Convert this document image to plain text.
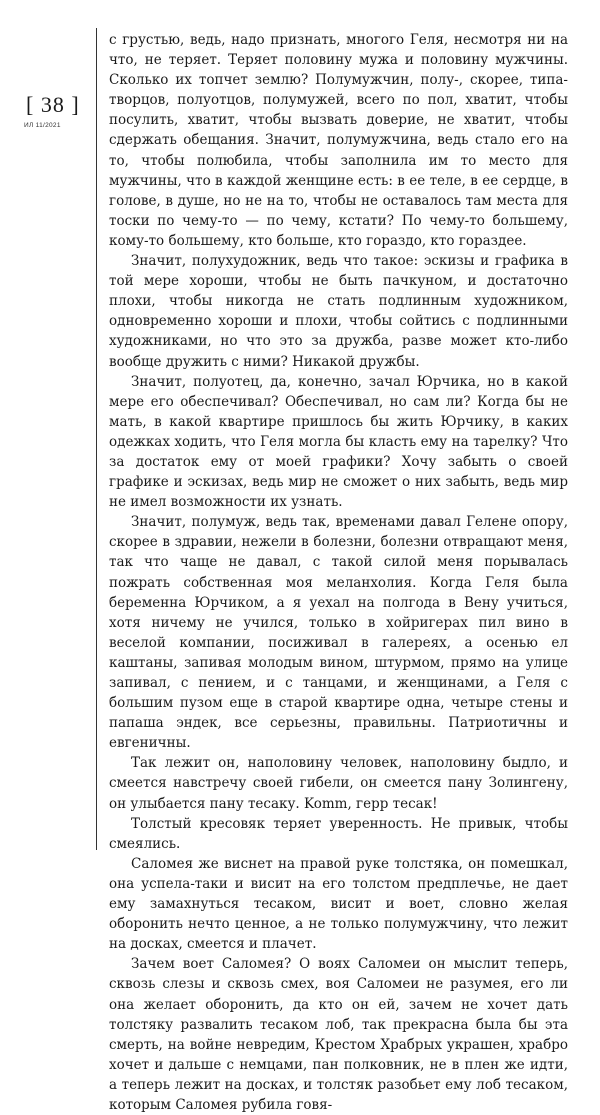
[ 38 ]
ИЛ 11/2021

с грустью, ведь, надо признать, многого Геля, несмотря ни на что, не теряет. Теряет половину мужа и половину мужчины. Сколько их топчет землю? Полумужчин, полу-, скорее, типа-творцов, полуотцов, полумужей, всего по пол, хватит, чтобы посулить, хватит, чтобы вызвать доверие, не хватит, чтобы сдержать обещания. Значит, полумужчина, ведь стало его на то, чтобы полюбила, чтобы заполнила им то место для мужчины, что в каждой женщине есть: в ее теле, в ее сердце, в голове, в душе, но не на то, чтобы не оставалось там места для тоски по чему-то — по чему, кстати? По чему-то большему, кому-то большему, кто больше, кто гораздо, кто гораздее.

Значит, полухудожник, ведь что такое: эскизы и графика в той мере хороши, чтобы не быть пачкуном, и достаточно плохи, чтобы никогда не стать подлинным художником, одновременно хороши и плохи, чтобы сойтись с подлинными художниками, но что это за дружба, разве может кто-либо вообще дружить с ними? Никакой дружбы.

Значит, полуотец, да, конечно, зачал Юрчика, но в какой мере его обеспечивал? Обеспечивал, но сам ли? Когда бы не мать, в какой квартире пришлось бы жить Юрчику, в каких одежках ходить, что Геля могла бы класть ему на тарелку? Что за достаток ему от моей графики? Хочу забыть о своей графике и эскизах, ведь мир не сможет о них забыть, ведь мир не имел возможности их узнать.

Значит, полумуж, ведь так, временами давал Гелене опору, скорее в здравии, нежели в болезни, болезни отвращают меня, так что чаще не давал, с такой силой меня порывалась пожрать собственная моя меланхолия. Когда Геля была беременна Юрчиком, а я уехал на полгода в Вену учиться, хотя ничему не учился, только в хойригерах пил вино в веселой компании, посиживал в галереях, а осенью ел каштаны, запивая молодым вином, штурмом, прямо на улице запивал, с пением, и с танцами, и женщинами, а Геля с большим пузом еще в старой квартире одна, четыре стены и папаша эндек, все серьезны, правильны. Патриотичны и евгеничны.

Так лежит он, наполовину человек, наполовину быдло, и смеется навстречу своей гибели, он смеется пану Золингену, он улыбается пану тесаку. Komm, герр тесак!

Толстый кресовяк теряет уверенность. Не привык, чтобы смеялись.

Саломея же виснет на правой руке толстяка, он помешкал, она успела-таки и висит на его толстом предплечье, не дает ему замахнуться тесаком, висит и воет, словно желая оборонить нечто ценное, а не только полумужчину, что лежит на досках, смеется и плачет.

Зачем воет Саломея? О воях Саломеи он мыслит теперь, сквозь слезы и сквозь смех, воя Саломеи не разумея, его ли она желает оборонить, да кто он ей, зачем не хочет дать толстяку развалить тесаком лоб, так прекрасна была бы эта смерть, на войне невредим, Крестом Храбрых украшен, храбро хочет и дальше с немцами, пан полковник, не в плен же идти, а теперь лежит на досках, и толстяк разобьет ему лоб тесаком, которым Саломея рубила говя-
